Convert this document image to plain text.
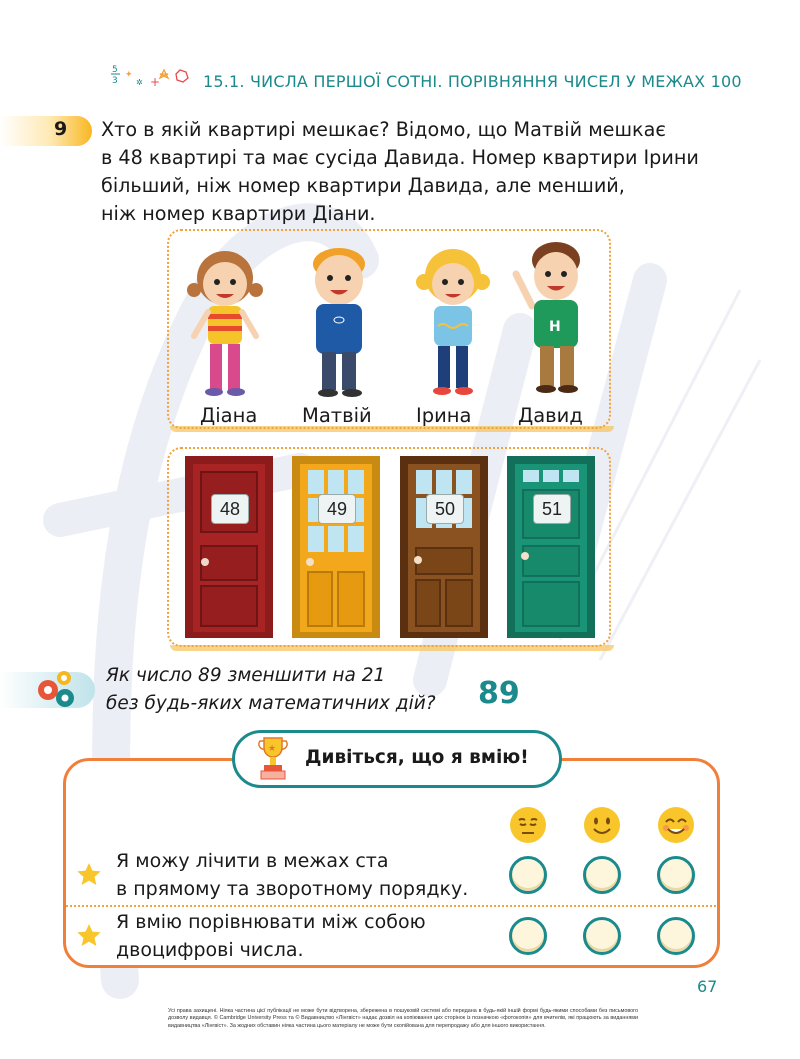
5
3
✦
✲ +	15.1. ЧИСЛА ПЕРШОЇ СОТНІ. ПОРІВНЯННЯ ЧИСЕЛ У МЕЖАХ 100
9 Хто в якій квартирі мешкає? Відомо, що Матвій мешкає
в 48 квартирі та має сусіда Давида. Номер квартири Ірини
більший, ніж номер квартири Давида, але менший,
ніж номер квартири Діани.
H
Діана Матвій Ірина Давид
48	49	50	51
Як число 89 зменшити на 21
без будь-яких математичних дій? 89
★ Дивіться, що я вмію!
Я можу лічити в межах ста
в прямому та зворотному порядку.
Я вмію порівнювати між собою
двоцифрові числа.
67
Усі права захищені. Ніяка частина цієї публікації не може бути відтворена, збережена в пошуковій системі або передана в будь-якій іншій формі будь-якими способами без письмового дозволу видавця. © Cambridge University Press та © Видавництво «Лінгвіст» надає дозвіл на копіювання цих сторінок із позначкою «фотокопія» для вчителів, які працюють за виданнями видавництва «Лінгвіст». За жодних обставин ніяка частина цього матеріалу не може бути скопійована для перепродажу або для іншого використання.
